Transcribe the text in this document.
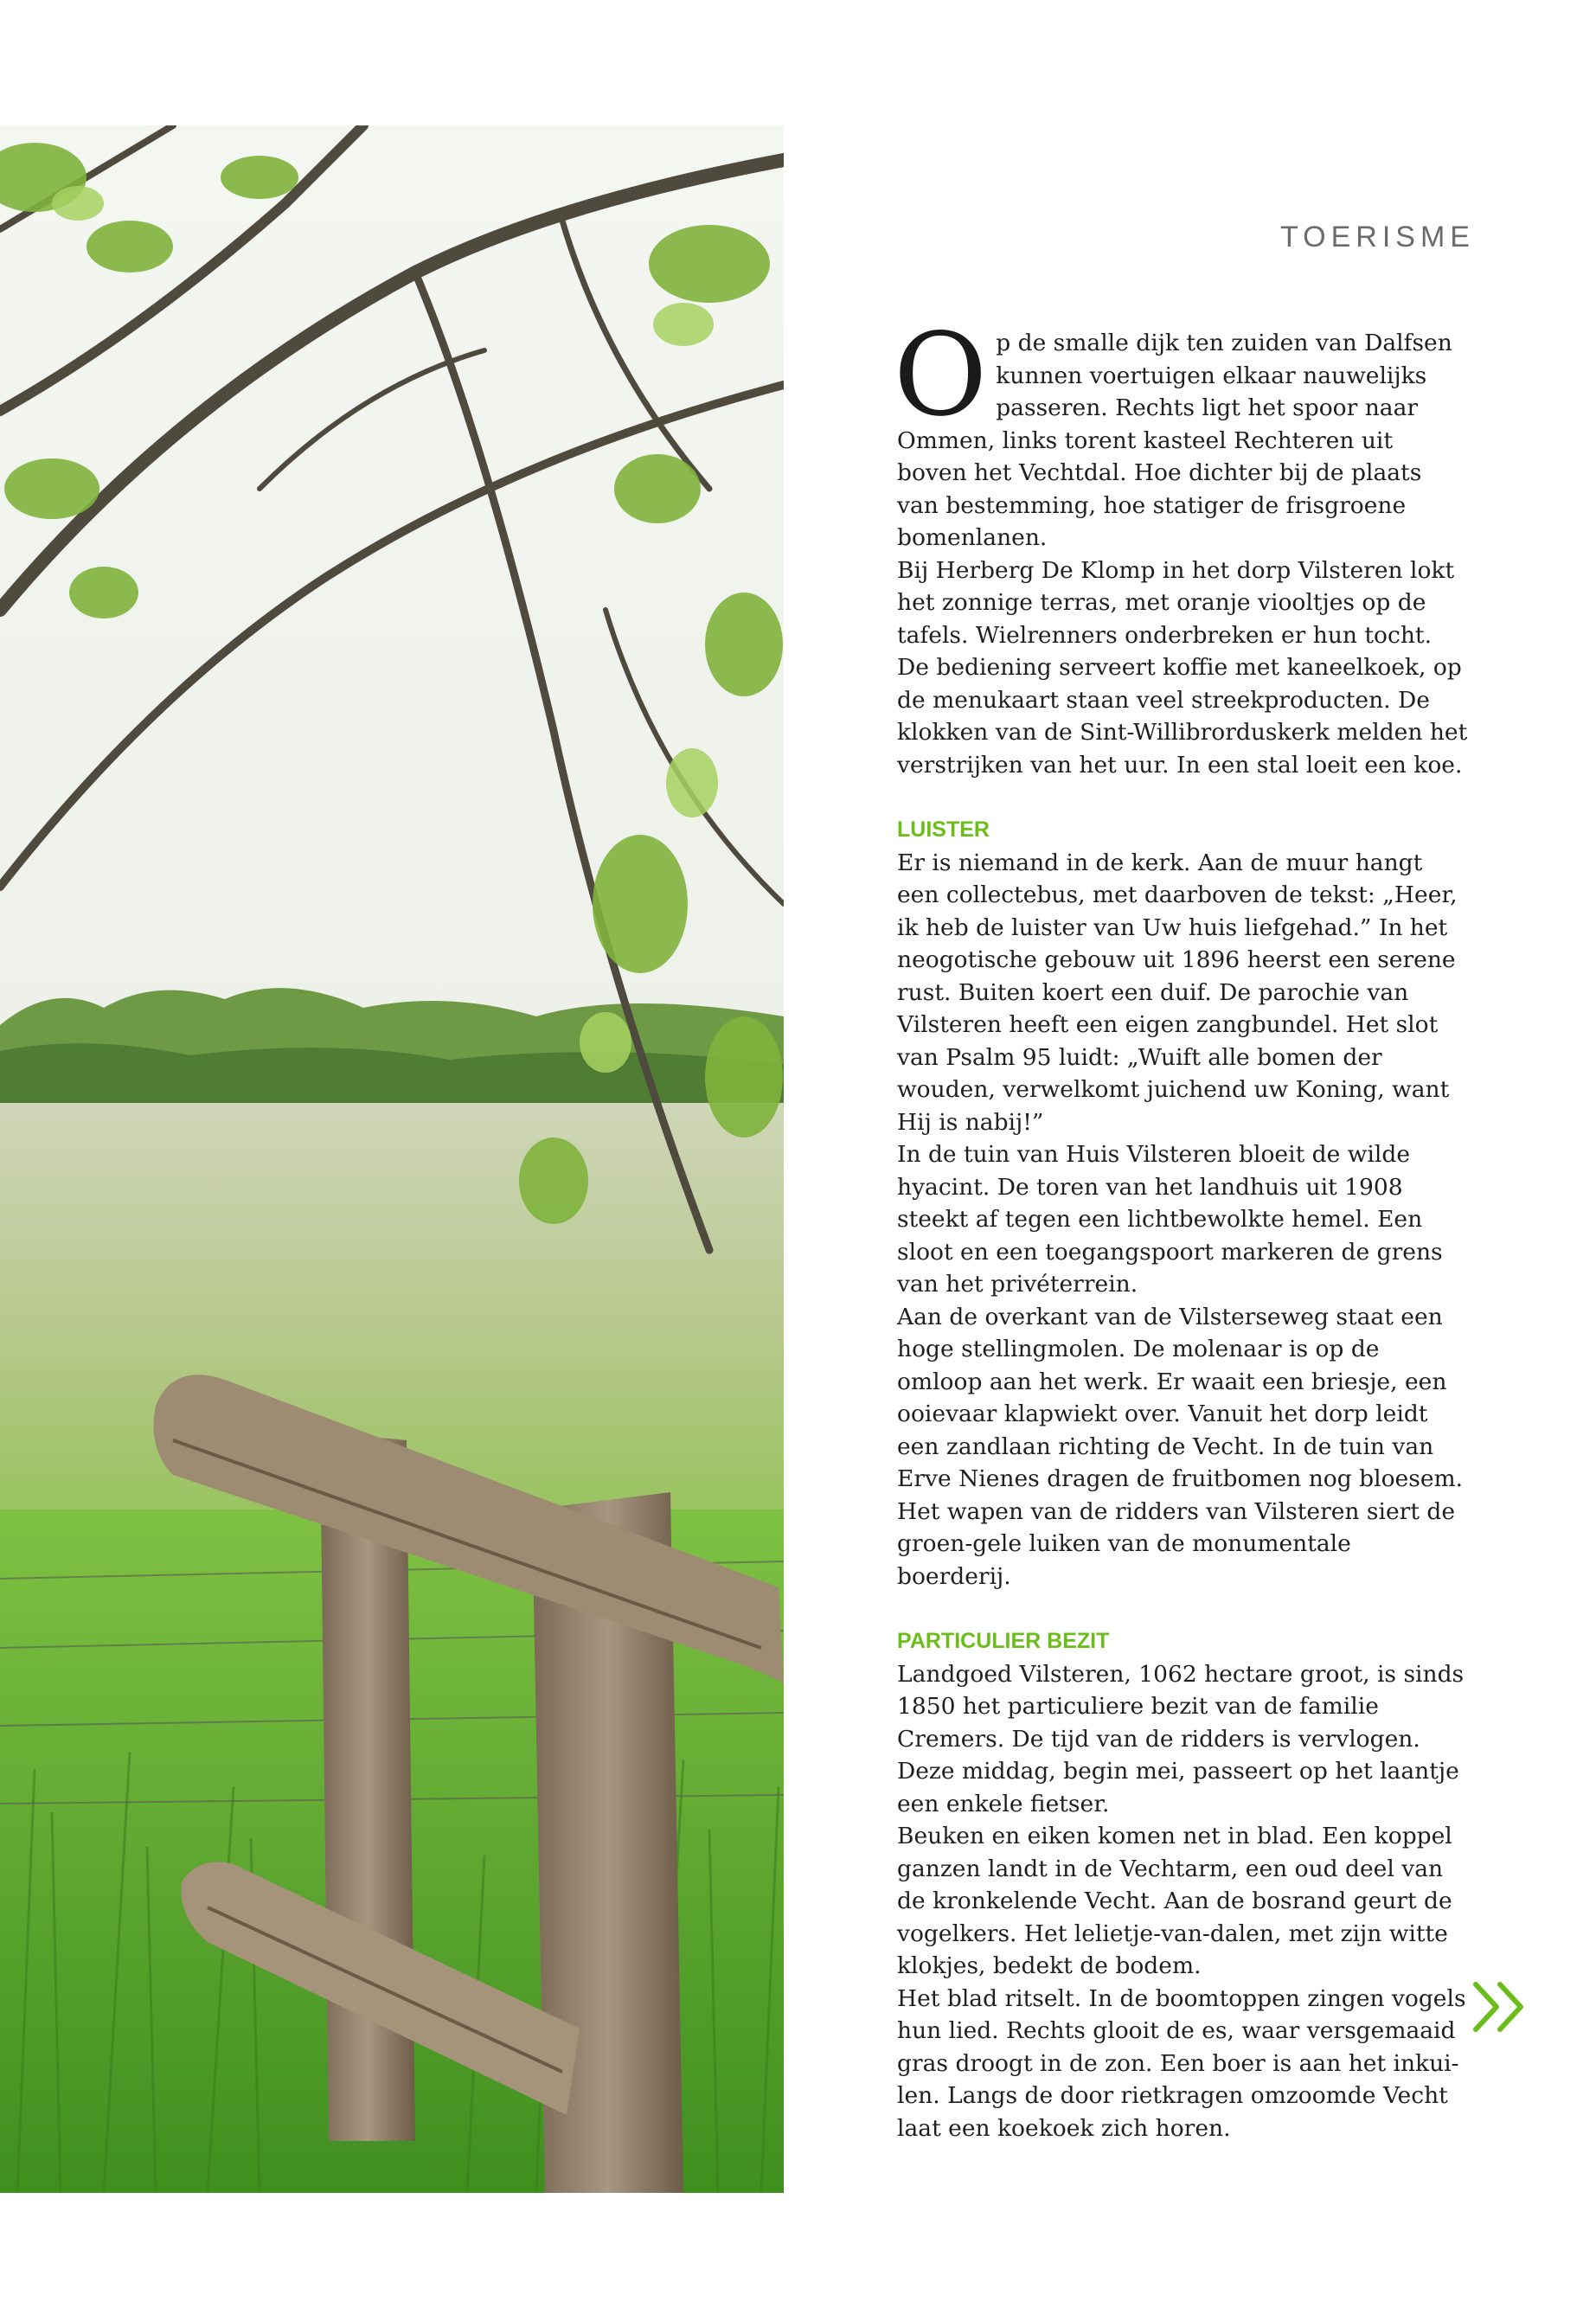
TOERISME

Op de smalle dijk ten zuiden van Dalfsen kunnen voertuigen elkaar nauwelijks passeren. Rechts ligt het spoor naar Ommen, links torent kasteel Rechteren uit boven het Vechtdal. Hoe dichter bij de plaats van bestemming, hoe statiger de frisgroene bomenlanen.

Bij Herberg De Klomp in het dorp Vilsteren lokt het zonnige terras, met oranje viooltjes op de tafels. Wielrenners onderbreken er hun tocht. De bediening serveert koffie met kaneelkoek, op de menukaart staan veel streekproducten. De klokken van de Sint-Willibrorduskerk melden het verstrijken van het uur. In een stal loeit een koe.

LUISTER

Er is niemand in de kerk. Aan de muur hangt een collectebus, met daarboven de tekst: „Heer, ik heb de luister van Uw huis liefgehad.” In het neogotische gebouw uit 1896 heerst een serene rust. Buiten koert een duif. De parochie van Vilsteren heeft een eigen zangbundel. Het slot van Psalm 95 luidt: „Wuift alle bomen der wouden, verwelkomt juichend uw Koning, want Hij is nabij!”

In de tuin van Huis Vilsteren bloeit de wilde hyacint. De toren van het landhuis uit 1908 steekt af tegen een lichtbewolkte hemel. Een sloot en een toegangspoort markeren de grens van het privéterrein.

Aan de overkant van de Vilsterseweg staat een hoge stellingmolen. De molenaar is op de omloop aan het werk. Er waait een briesje, een ooievaar klapwiekt over. Vanuit het dorp leidt een zandlaan richting de Vecht. In de tuin van Erve Nienes dragen de fruitbomen nog bloesem. Het wapen van de ridders van Vilsteren siert de groen-gele luiken van de monumentale boerderij.

PARTICULIER BEZIT

Landgoed Vilsteren, 1062 hectare groot, is sinds 1850 het particuliere bezit van de familie Cremers. De tijd van de ridders is vervlogen. Deze middag, begin mei, passeert op het laantje een enkele fietser.

Beuken en eiken komen net in blad. Een koppel ganzen landt in de Vechtarm, een oud deel van de kronkelende Vecht. Aan de bosrand geurt de vogelkers. Het lelietje-van-dalen, met zijn witte klokjes, bedekt de bodem.

Het blad ritselt. In de boomtoppen zingen vogels hun lied. Rechts glooit de es, waar versgemaaid gras droogt in de zon. Een boer is aan het inkuilen. Langs de door rietkragen omzoomde Vecht laat een koekoek zich horen.
